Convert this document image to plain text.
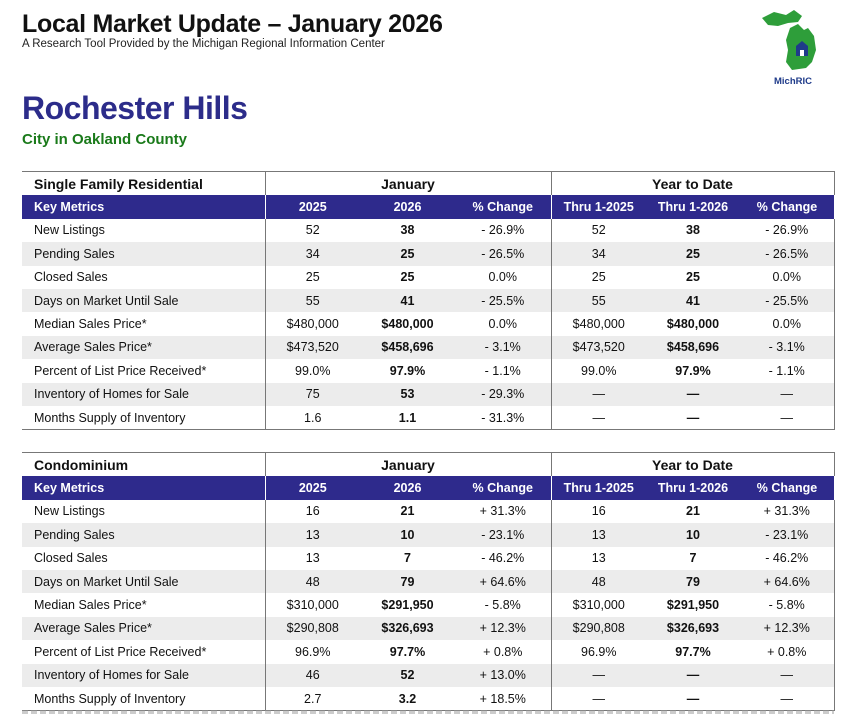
Local Market Update – January 2026
A Research Tool Provided by the Michigan Regional Information Center
MichRIC
Rochester Hills
City in Oakland County
Single Family Residential	January			Year to Date		
Key Metrics	2025	2026	% Change	Thru 1-2025	Thru 1-2026	% Change
New Listings	52	38	- 26.9%	52	38	- 26.9%
Pending Sales	34	25	- 26.5%	34	25	- 26.5%
Closed Sales	25	25	0.0%	25	25	0.0%
Days on Market Until Sale	55	41	- 25.5%	55	41	- 25.5%
Median Sales Price*	$480,000	$480,000	0.0%	$480,000	$480,000	0.0%
Average Sales Price*	$473,520	$458,696	- 3.1%	$473,520	$458,696	- 3.1%
Percent of List Price Received*	99.0%	97.9%	- 1.1%	99.0%	97.9%	- 1.1%
Inventory of Homes for Sale	75	53	- 29.3%	—	—	—
Months Supply of Inventory	1.6	1.1	- 31.3%	—	—	—
Condominium	January			Year to Date		
Key Metrics	2025	2026	% Change	Thru 1-2025	Thru 1-2026	% Change
New Listings	16	21	+ 31.3%	16	21	+ 31.3%
Pending Sales	13	10	- 23.1%	13	10	- 23.1%
Closed Sales	13	7	- 46.2%	13	7	- 46.2%
Days on Market Until Sale	48	79	+ 64.6%	48	79	+ 64.6%
Median Sales Price*	$310,000	$291,950	- 5.8%	$310,000	$291,950	- 5.8%
Average Sales Price*	$290,808	$326,693	+ 12.3%	$290,808	$326,693	+ 12.3%
Percent of List Price Received*	96.9%	97.7%	+ 0.8%	96.9%	97.7%	+ 0.8%
Inventory of Homes for Sale	46	52	+ 13.0%	—	—	—
Months Supply of Inventory	2.7	3.2	+ 18.5%	—	—	—
